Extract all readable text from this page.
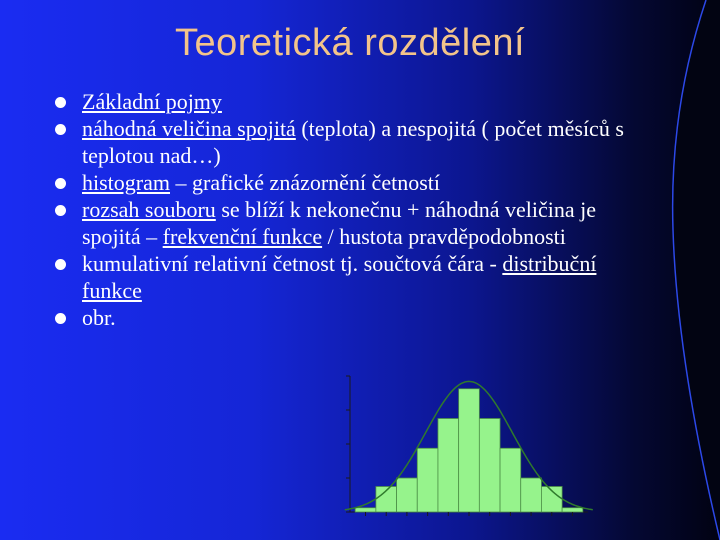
Teoretická rozdělení
Základní pojmy
náhodná veličina spojitá (teplota) a nespojitá ( počet měsíců s teplotou nad…)
histogram – grafické znázornění četností
rozsah souboru se blíží k nekonečnu + náhodná veličina je spojitá – frekvenční funkce / hustota pravděpodobnosti
kumulativní relativní četnost tj. součtová čára - distribuční funkce
obr.
